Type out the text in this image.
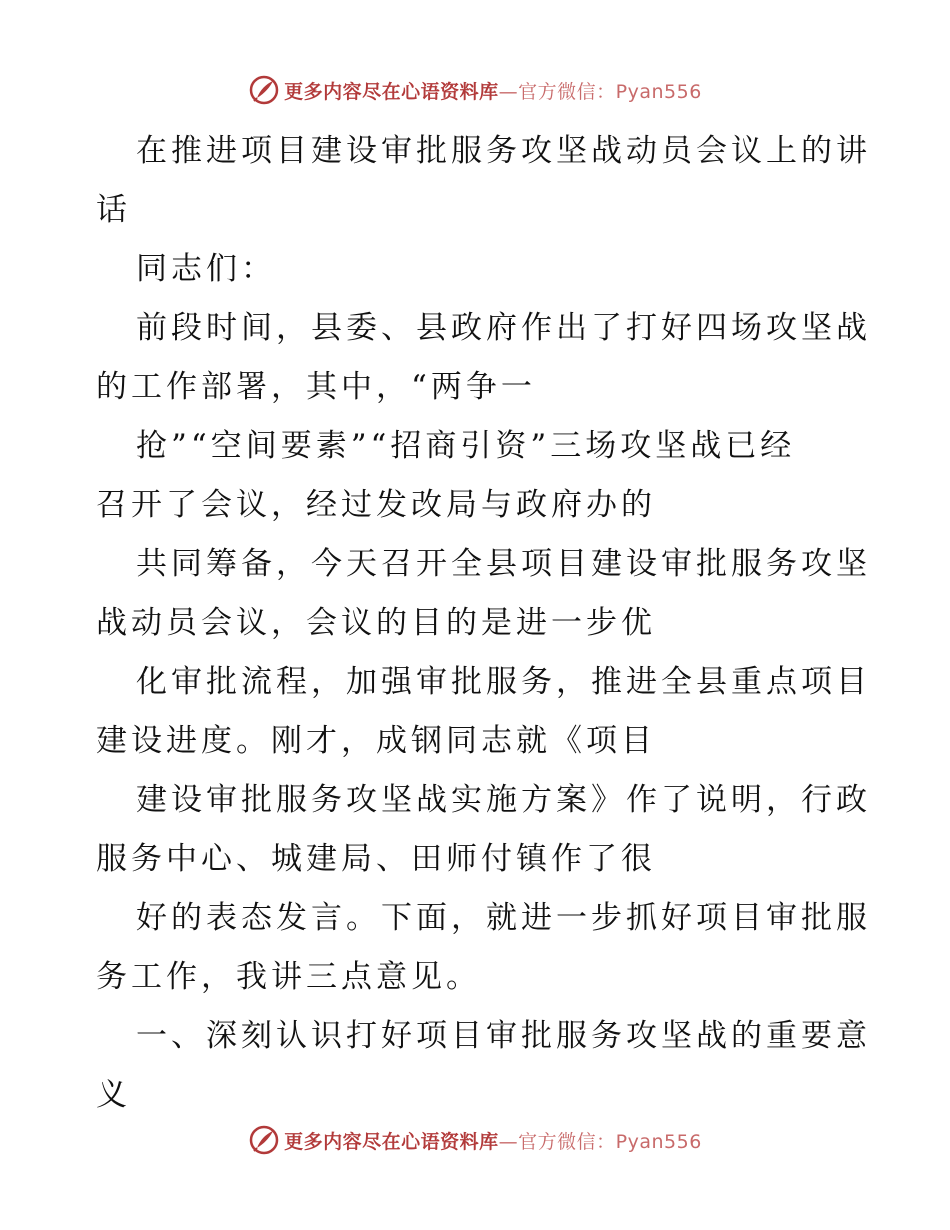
更多内容尽在心语资料库—官方微信：Pyan556
在推进项目建设审批服务攻坚战动员会议上的讲
话
同志们：
前段时间，县委、县政府作出了打好四场攻坚战
的工作部署，其中，“两争一
抢”“空间要素”“招商引资”三场攻坚战已经
召开了会议，经过发改局与政府办的
共同筹备，今天召开全县项目建设审批服务攻坚
战动员会议，会议的目的是进一步优
化审批流程，加强审批服务，推进全县重点项目
建设进度。刚才，成钢同志就《项目
建设审批服务攻坚战实施方案》作了说明，行政
服务中心、城建局、田师付镇作了很
好的表态发言。下面，就进一步抓好项目审批服
务工作，我讲三点意见。
一、深刻认识打好项目审批服务攻坚战的重要意
义
更多内容尽在心语资料库—官方微信：Pyan556
